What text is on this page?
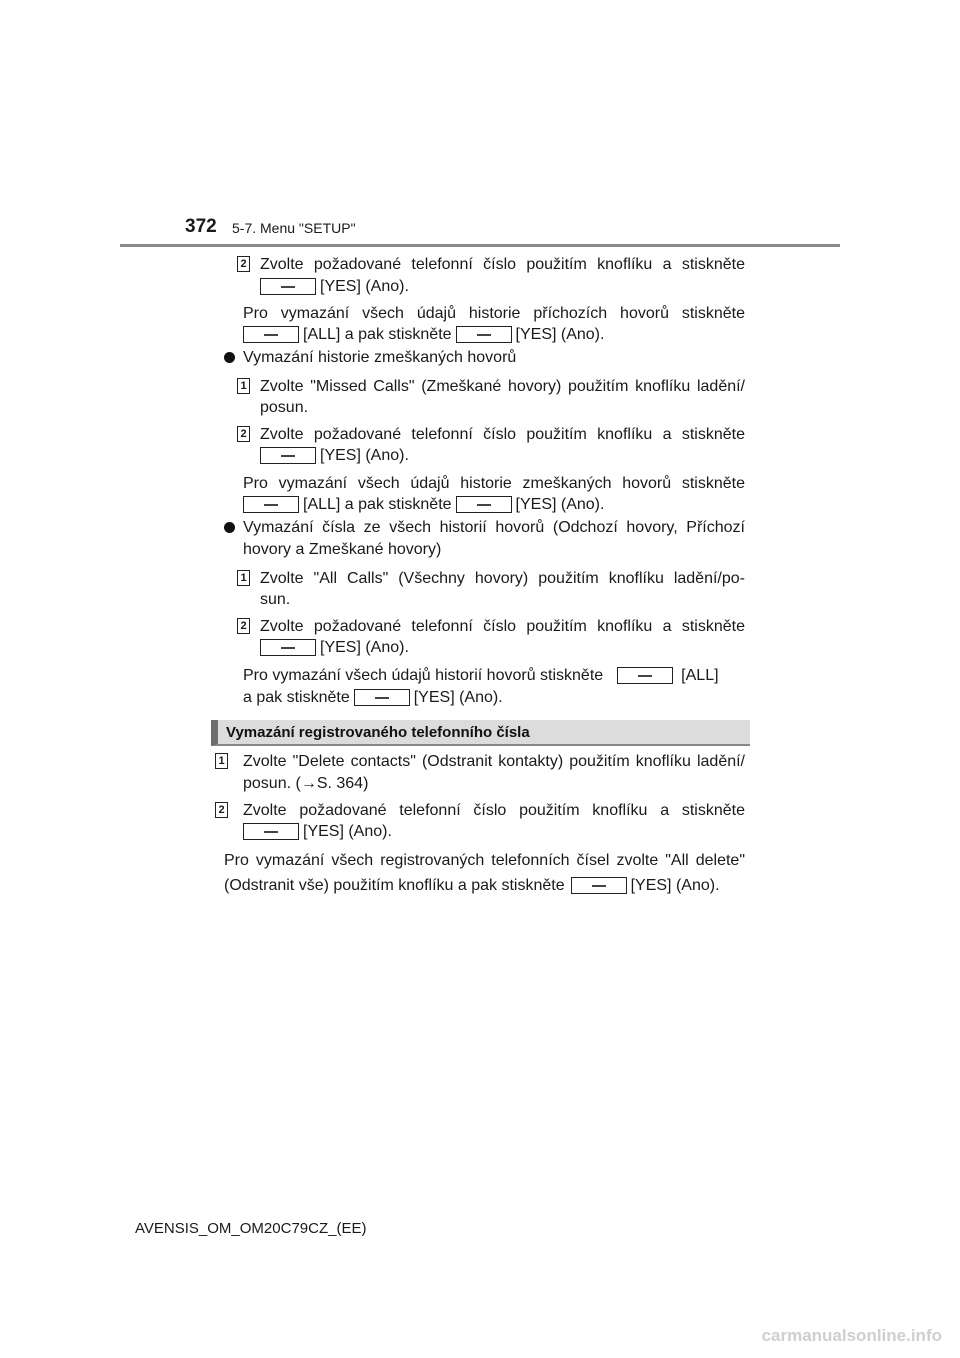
372 5-7. Menu "SETUP"
2 Zvolte požadované telefonní číslo použitím knoflíku a stiskněte
[YES] (Ano).
Pro vymazání všech údajů historie příchozích hovorů stiskněte
[ALL] a pak stiskněte	[YES] (Ano).
Vymazání historie zmeškaných hovorů
1 Zvolte "Missed Calls" (Zmeškané hovory) použitím knoflíku ladění/
posun.
2 Zvolte požadované telefonní číslo použitím knoflíku a stiskněte
[YES] (Ano).
Pro vymazání všech údajů historie zmeškaných hovorů stiskněte
[ALL] a pak stiskněte	[YES] (Ano).
Vymazání čísla ze všech historií hovorů (Odchozí hovory, Příchozí
hovory a Zmeškané hovory)
1 Zvolte "All Calls" (Všechny hovory) použitím knoflíku ladění/po-
sun.
2 Zvolte požadované telefonní číslo použitím knoflíku a stiskněte
[YES] (Ano).
Pro vymazání všech údajů historií hovorů stiskněte	[ALL]
a pak stiskněte	[YES] (Ano).
Vymazání registrovaného telefonního čísla
1 Zvolte "Delete contacts" (Odstranit kontakty) použitím knoflíku ladění/
posun. (→S. 364)
2 Zvolte požadované telefonní číslo použitím knoflíku a stiskněte
[YES] (Ano).
Pro vymazání všech registrovaných telefonních čísel zvolte "All delete"
(Odstranit vše) použitím knoflíku a pak stiskněte	[YES] (Ano).
AVENSIS_OM_OM20C79CZ_(EE)
carmanualsonline.info
